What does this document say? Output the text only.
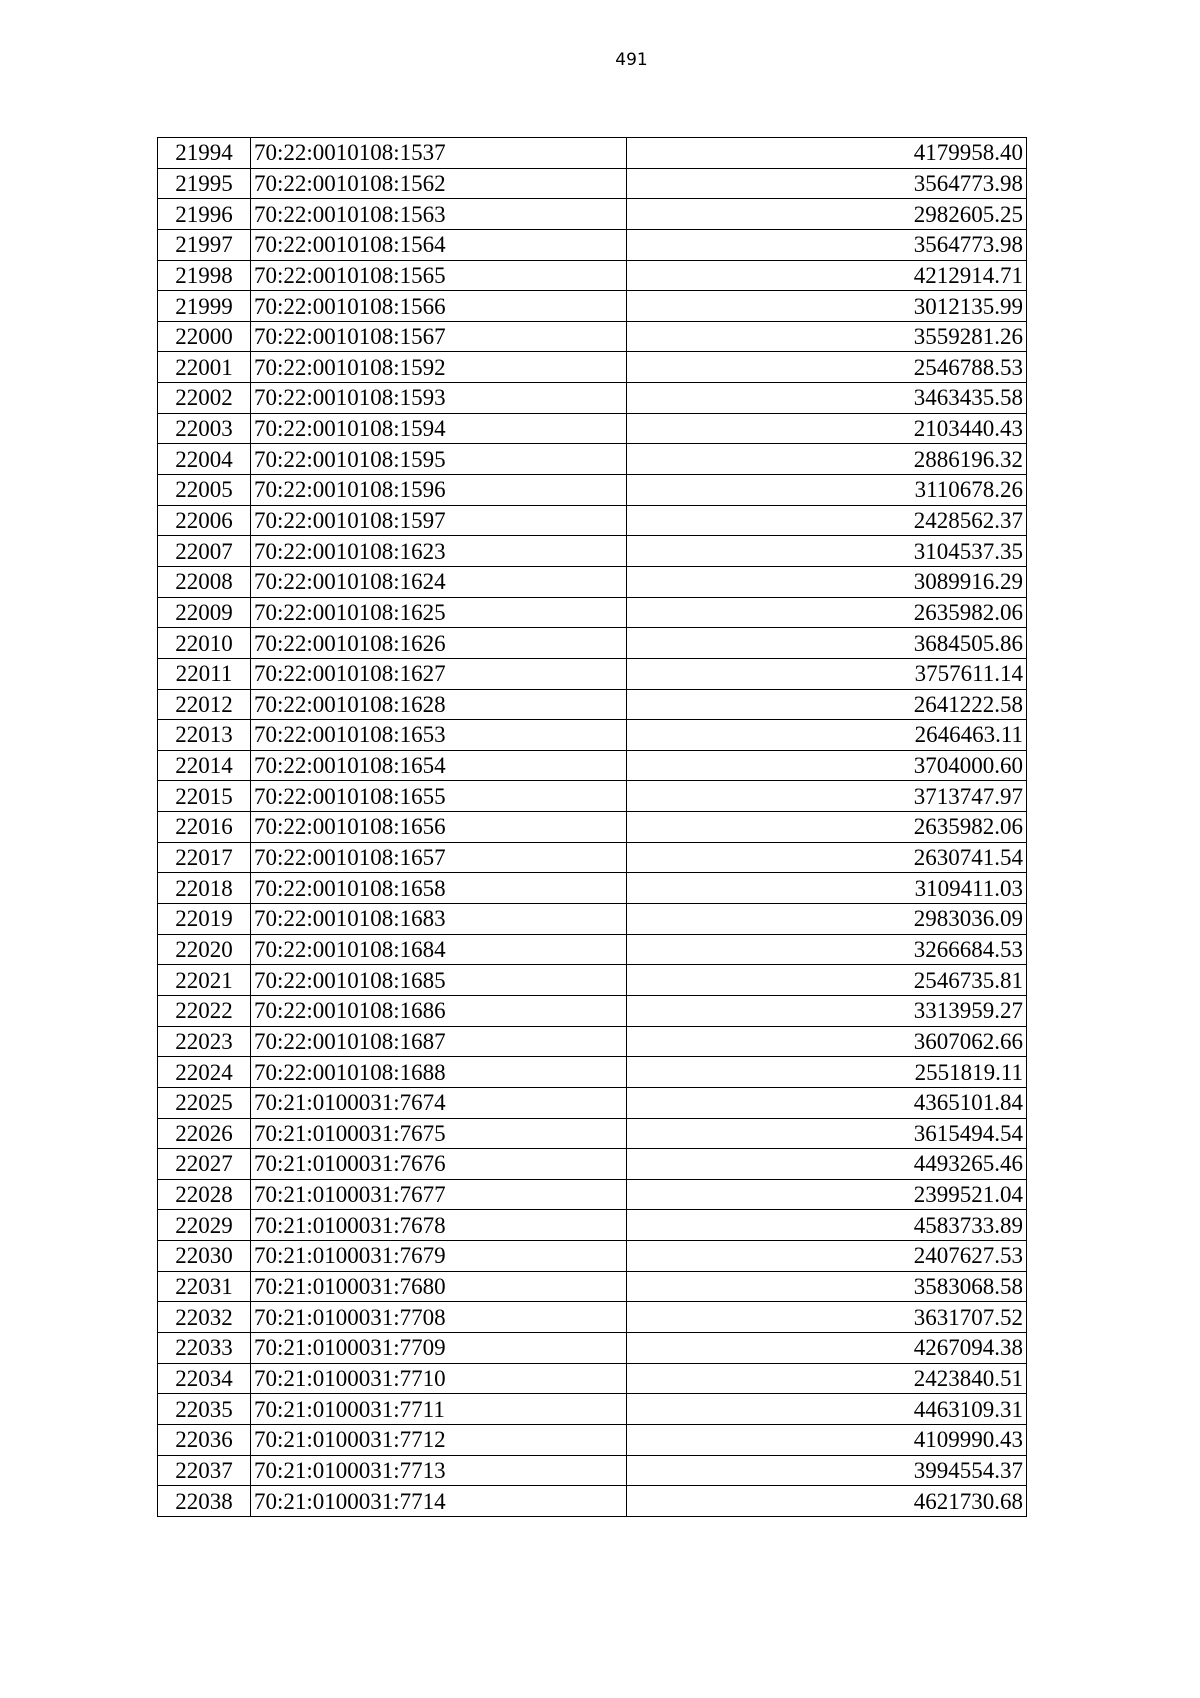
491
21994	70:22:0010108:1537	4179958.40
21995	70:22:0010108:1562	3564773.98
21996	70:22:0010108:1563	2982605.25
21997	70:22:0010108:1564	3564773.98
21998	70:22:0010108:1565	4212914.71
21999	70:22:0010108:1566	3012135.99
22000	70:22:0010108:1567	3559281.26
22001	70:22:0010108:1592	2546788.53
22002	70:22:0010108:1593	3463435.58
22003	70:22:0010108:1594	2103440.43
22004	70:22:0010108:1595	2886196.32
22005	70:22:0010108:1596	3110678.26
22006	70:22:0010108:1597	2428562.37
22007	70:22:0010108:1623	3104537.35
22008	70:22:0010108:1624	3089916.29
22009	70:22:0010108:1625	2635982.06
22010	70:22:0010108:1626	3684505.86
22011	70:22:0010108:1627	3757611.14
22012	70:22:0010108:1628	2641222.58
22013	70:22:0010108:1653	2646463.11
22014	70:22:0010108:1654	3704000.60
22015	70:22:0010108:1655	3713747.97
22016	70:22:0010108:1656	2635982.06
22017	70:22:0010108:1657	2630741.54
22018	70:22:0010108:1658	3109411.03
22019	70:22:0010108:1683	2983036.09
22020	70:22:0010108:1684	3266684.53
22021	70:22:0010108:1685	2546735.81
22022	70:22:0010108:1686	3313959.27
22023	70:22:0010108:1687	3607062.66
22024	70:22:0010108:1688	2551819.11
22025	70:21:0100031:7674	4365101.84
22026	70:21:0100031:7675	3615494.54
22027	70:21:0100031:7676	4493265.46
22028	70:21:0100031:7677	2399521.04
22029	70:21:0100031:7678	4583733.89
22030	70:21:0100031:7679	2407627.53
22031	70:21:0100031:7680	3583068.58
22032	70:21:0100031:7708	3631707.52
22033	70:21:0100031:7709	4267094.38
22034	70:21:0100031:7710	2423840.51
22035	70:21:0100031:7711	4463109.31
22036	70:21:0100031:7712	4109990.43
22037	70:21:0100031:7713	3994554.37
22038	70:21:0100031:7714	4621730.68
